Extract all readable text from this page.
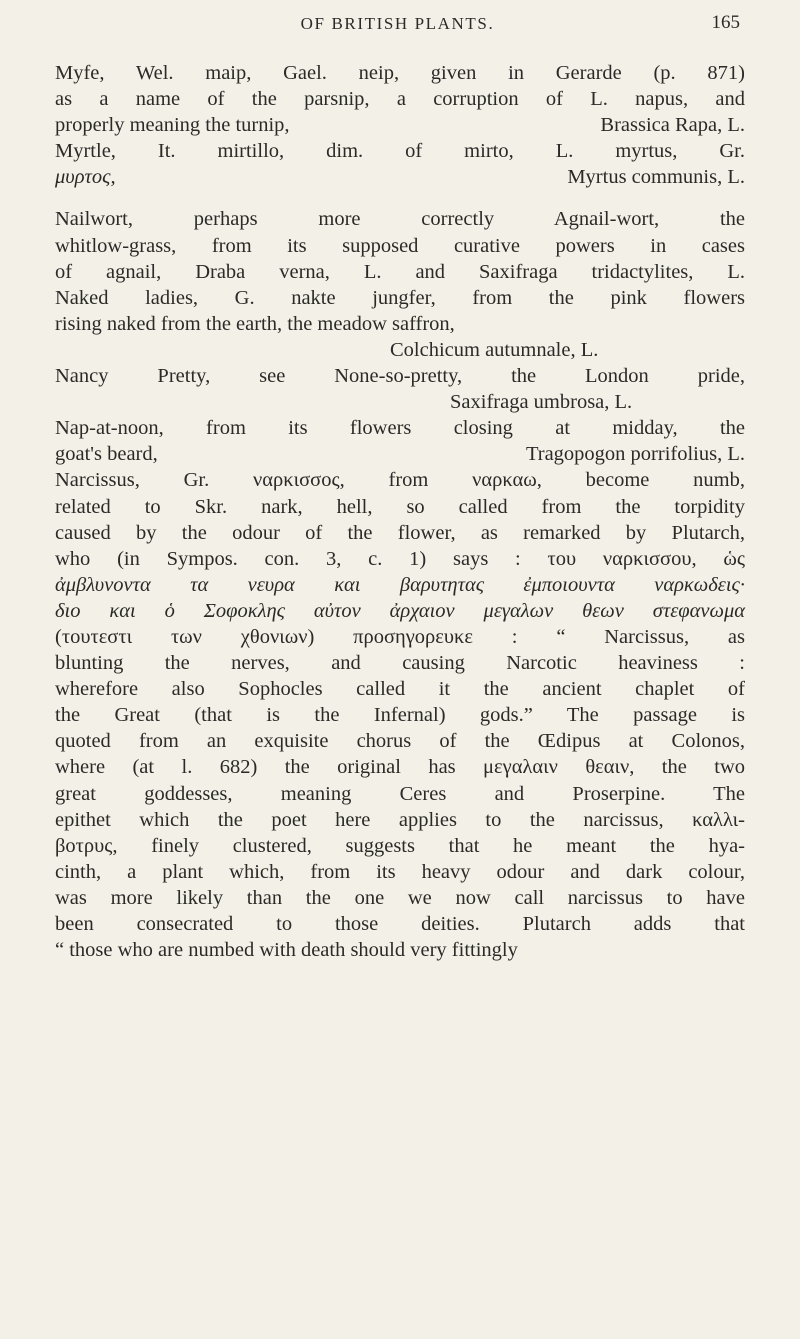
OF BRITISH PLANTS.	165
Myfe, Wel. maip, Gael. neip, given in Gerarde (p. 871)
as a name of the parsnip, a corruption of L. napus, and
properly meaning the turnip,	Brassica Rapa, L.
Myrtle, It. mirtillo, dim. of mirto, L. myrtus, Gr.
μυρτος,	Myrtus communis, L.
Nailwort, perhaps more correctly Agnail-wort, the
whitlow-grass, from its supposed curative powers in cases
of agnail, Draba verna, L. and Saxifraga tridactylites, L.
Naked ladies, G. nakte jungfer, from the pink flowers
rising naked from the earth, the meadow saffron,
Colchicum autumnale, L.
Nancy Pretty, see None-so-pretty, the London pride,
Saxifraga umbrosa, L.
Nap-at-noon, from its flowers closing at midday, the
goat's beard,	Tragopogon porrifolius, L.
Narcissus, Gr. ναρκισσος, from ναρκαω, become numb,
related to Skr. nark, hell, so called from the torpidity
caused by the odour of the flower, as remarked by Plutarch,
who (in Sympos. con. 3, c. 1) says : του ναρκισσου, ὡς
ἀμβλυνοντα τα νευρα και βαρυτητας ἐμποιουντα ναρκωδεις·
διο και ὁ Σοφοκλης αὐτον ἀρχαιον μεγαλων θεων στεφανωμα
(τουτεστι των χθονιων) προσηγορευκε : “ Narcissus, as
blunting the nerves, and causing Narcotic heaviness :
wherefore also Sophocles called it the ancient chaplet of
the Great (that is the Infernal) gods.” The passage is
quoted from an exquisite chorus of the Œdipus at Colonos,
where (at l. 682) the original has μεγαλαιν θεαιν, the two
great goddesses, meaning Ceres and Proserpine. The
epithet which the poet here applies to the narcissus, καλλι-
βοτρυς, finely clustered, suggests that he meant the hya-
cinth, a plant which, from its heavy odour and dark colour,
was more likely than the one we now call narcissus to have
been consecrated to those deities. Plutarch adds that
“ those who are numbed with death should very fittingly
